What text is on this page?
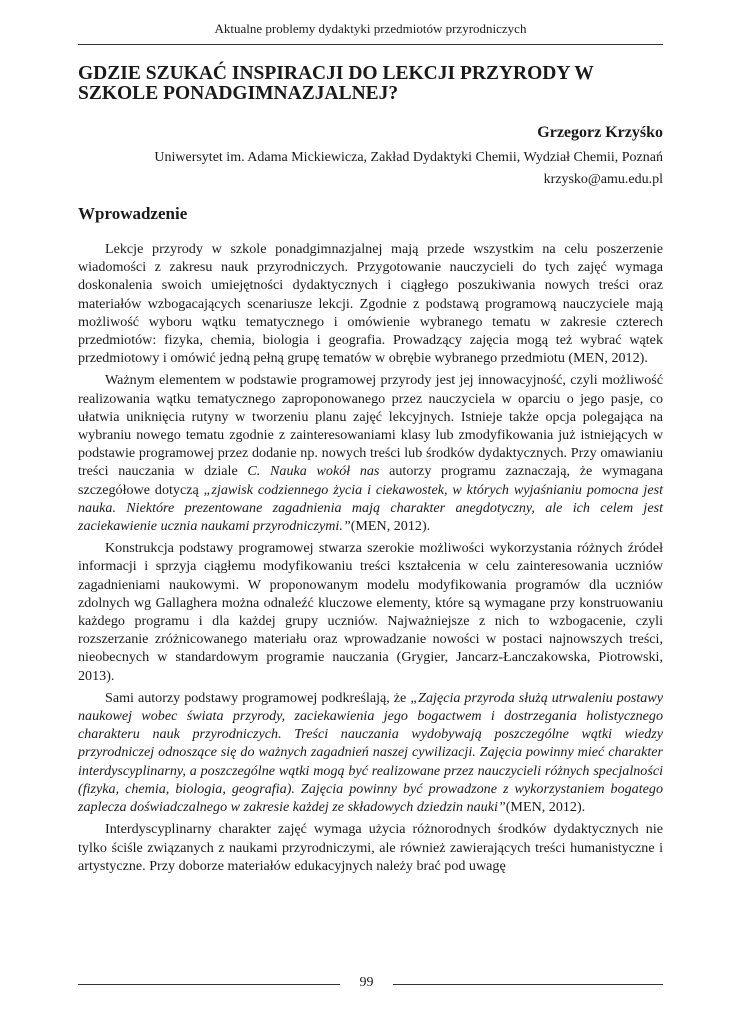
Aktualne problemy dydaktyki przedmiotów przyrodniczych
GDZIE SZUKAĆ INSPIRACJI DO LEKCJI PRZYRODY W SZKOLE PONADGIMNAZJALNEJ?
Grzegorz Krzyśko
Uniwersytet im. Adama Mickiewicza, Zakład Dydaktyki Chemii, Wydział Chemii, Poznań
krzysko@amu.edu.pl
Wprowadzenie

Lekcje przyrody w szkole ponadgimnazjalnej mają przede wszystkim na celu poszerzenie wiadomości z zakresu nauk przyrodniczych. Przygotowanie nauczycieli do tych zajęć wymaga doskonalenia swoich umiejętności dydaktycznych i ciągłego poszukiwania nowych treści oraz materiałów wzbogacających scenariusze lekcji. Zgodnie z podstawą programową nauczyciele mają możliwość wyboru wątku tematycznego i omówienie wybranego tematu w zakresie czterech przedmiotów: fizyka, chemia, biologia i geografia. Prowadzący zajęcia mogą też wybrać wątek przedmiotowy i omówić jedną pełną grupę tematów w obrębie wybranego przedmiotu (MEN, 2012).

Ważnym elementem w podstawie programowej przyrody jest jej innowacyjność, czyli możliwość realizowania wątku tematycznego zaproponowanego przez nauczyciela w oparciu o jego pasje, co ułatwia uniknięcia rutyny w tworzeniu planu zajęć lekcyjnych. Istnieje także opcja polegająca na wybraniu nowego tematu zgodnie z zainteresowaniami klasy lub zmodyfikowania już istniejących w podstawie programowej przez dodanie np. nowych treści lub środków dydaktycznych. Przy omawianiu treści nauczania w dziale C. Nauka wokół nas autorzy programu zaznaczają, że wymagana szczegółowe dotyczą „zjawisk codziennego życia i ciekawostek, w których wyjaśnianiu pomocna jest nauka. Niektóre prezentowane zagadnienia mają charakter anegdotyczny, ale ich celem jest zaciekawienie ucznia naukami przyrodniczymi.”(MEN, 2012).

Konstrukcja podstawy programowej stwarza szerokie możliwości wykorzystania różnych źródeł informacji i sprzyja ciągłemu modyfikowaniu treści kształcenia w celu zainteresowania uczniów zagadnieniami naukowymi. W proponowanym modelu modyfikowania programów dla uczniów zdolnych wg Gallaghera można odnaleźć kluczowe elementy, które są wymagane przy konstruowaniu każdego programu i dla każdej grupy uczniów. Najważniejsze z nich to wzbogacenie, czyli rozszerzanie zróżnicowanego materiału oraz wprowadzanie nowości w postaci najnowszych treści, nieobecnych w standardowym programie nauczania (Grygier, Jancarz-Łanczakowska, Piotrowski, 2013).

Sami autorzy podstawy programowej podkreślają, że „Zajęcia przyroda służą utrwaleniu postawy naukowej wobec świata przyrody, zaciekawienia jego bogactwem i dostrzegania holistycznego charakteru nauk przyrodniczych. Treści nauczania wydobywają poszczególne wątki wiedzy przyrodniczej odnoszące się do ważnych zagadnień naszej cywilizacji. Zajęcia powinny mieć charakter interdyscyplinarny, a poszczególne wątki mogą być realizowane przez nauczycieli różnych specjalności (fizyka, chemia, biologia, geografia). Zajęcia powinny być prowadzone z wykorzystaniem bogatego zaplecza doświadczalnego w zakresie każdej ze składowych dziedzin nauki”(MEN, 2012).

Interdyscyplinarny charakter zajęć wymaga użycia różnorodnych środków dydaktycznych nie tylko ściśle związanych z naukami przyrodniczymi, ale również zawierających treści humanistyczne i artystyczne. Przy doborze materiałów edukacyjnych należy brać pod uwagę

99
